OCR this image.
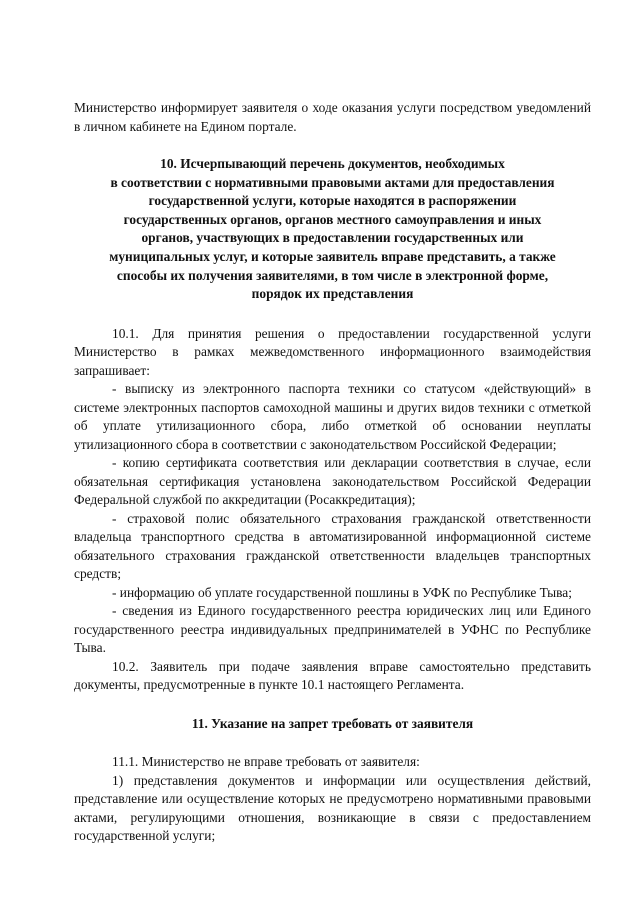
Министерство информирует заявителя о ходе оказания услуги посредством уведомлений в личном кабинете на Едином портале.

10. Исчерпывающий перечень документов, необходимых
в соответствии с нормативными правовыми актами для предоставления
государственной услуги, которые находятся в распоряжении
государственных органов, органов местного самоуправления и иных
органов, участвующих в предоставлении государственных или
муниципальных услуг, и которые заявитель вправе представить, а также
способы их получения заявителями, в том числе в электронной форме,
порядок их представления

10.1. Для принятия решения о предоставлении государственной услуги Министерство в рамках межведомственного информационного взаимодействия запрашивает:

- выписку из электронного паспорта техники со статусом «действующий» в системе электронных паспортов самоходной машины и других видов техники с отметкой об уплате утилизационного сбора, либо отметкой об основании неуплаты утилизационного сбора в соответствии с законодательством Российской Федерации;

- копию сертификата соответствия или декларации соответствия в случае, если обязательная сертификация установлена законодательством Российской Федерации Федеральной службой по аккредитации (Росаккредитация);

- страховой полис обязательного страхования гражданской ответственности владельца транспортного средства в автоматизированной информационной системе обязательного страхования гражданской ответственности владельцев транспортных средств;

- информацию об уплате государственной пошлины в УФК по Республике Тыва;

- сведения из Единого государственного реестра юридических лиц или Единого государственного реестра индивидуальных предпринимателей в УФНС по Республике Тыва.

10.2. Заявитель при подаче заявления вправе самостоятельно представить документы, предусмотренные в пункте 10.1 настоящего Регламента.

11. Указание на запрет требовать от заявителя

11.1. Министерство не вправе требовать от заявителя:

1) представления документов и информации или осуществления действий, представление или осуществление которых не предусмотрено нормативными правовыми актами, регулирующими отношения, возникающие в связи с предоставлением государственной услуги;
